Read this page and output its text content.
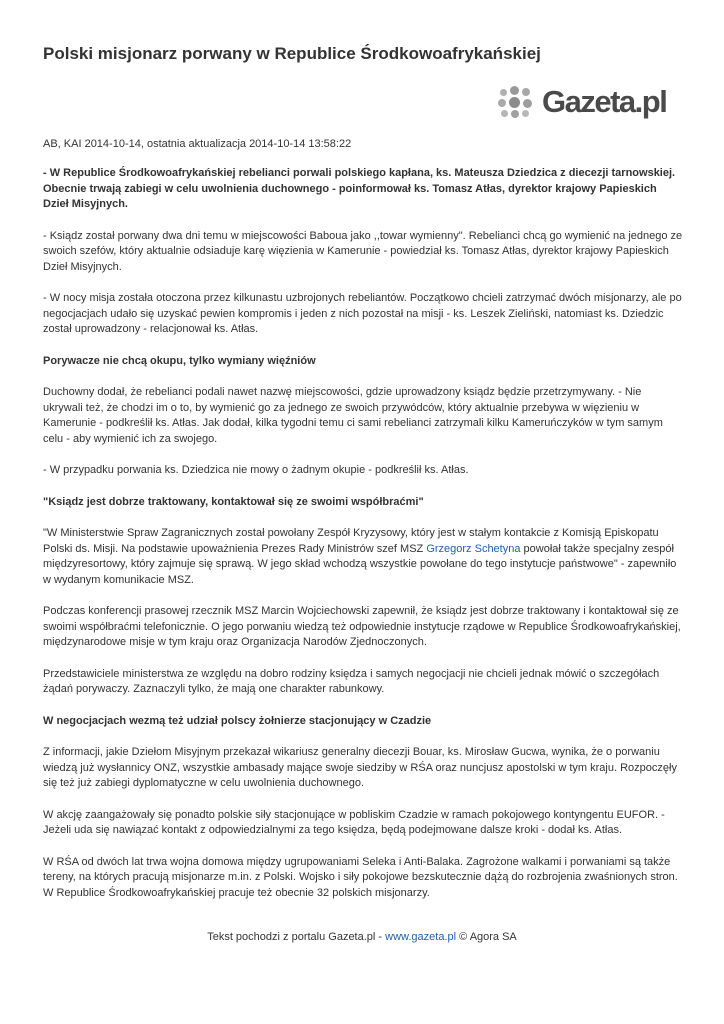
Polski misjonarz porwany w Republice Środkowoafrykańskiej
Gazeta.pl
AB, KAI 2014-10-14, ostatnia aktualizacja 2014-10-14 13:58:22

- W Republice Środkowoafrykańskiej rebelianci porwali polskiego kapłana, ks. Mateusza Dziedzica z diecezji tarnowskiej. Obecnie trwają zabiegi w celu uwolnienia duchownego - poinformował ks. Tomasz Atłas, dyrektor krajowy Papieskich Dzieł Misyjnych.

- Ksiądz został porwany dwa dni temu w miejscowości Baboua jako ,,towar wymienny". Rebelianci chcą go wymienić na jednego ze swoich szefów, który aktualnie odsiaduje karę więzienia w Kamerunie - powiedział ks. Tomasz Atłas, dyrektor krajowy Papieskich Dzieł Misyjnych.

- W nocy misja została otoczona przez kilkunastu uzbrojonych rebeliantów. Początkowo chcieli zatrzymać dwóch misjonarzy, ale po negocjacjach udało się uzyskać pewien kompromis i jeden z nich pozostał na misji - ks. Leszek Zieliński, natomiast ks. Dziedzic został uprowadzony - relacjonował ks. Atłas.

Porywacze nie chcą okupu, tylko wymiany więźniów

Duchowny dodał, że rebelianci podali nawet nazwę miejscowości, gdzie uprowadzony ksiądz będzie przetrzymywany. - Nie ukrywali też, że chodzi im o to, by wymienić go za jednego ze swoich przywódców, który aktualnie przebywa w więzieniu w Kamerunie - podkreślił ks. Atłas. Jak dodał, kilka tygodni temu ci sami rebelianci zatrzymali kilku Kameruńczyków w tym samym celu - aby wymienić ich za swojego.

- W przypadku porwania ks. Dziedzica nie mowy o żadnym okupie - podkreślił ks. Atłas.

"Ksiądz jest dobrze traktowany, kontaktował się ze swoimi współbraćmi"

"W Ministerstwie Spraw Zagranicznych został powołany Zespół Kryzysowy, który jest w stałym kontakcie z Komisją Episkopatu Polski ds. Misji. Na podstawie upoważnienia Prezes Rady Ministrów szef MSZ Grzegorz Schetyna powołał także specjalny zespół międzyresortowy, który zajmuje się sprawą. W jego skład wchodzą wszystkie powołane do tego instytucje państwowe" - zapewniło w wydanym komunikacie MSZ.

Podczas konferencji prasowej rzecznik MSZ Marcin Wojciechowski zapewnił, że ksiądz jest dobrze traktowany i kontaktował się ze swoimi współbraćmi telefonicznie. O jego porwaniu wiedzą też odpowiednie instytucje rządowe w Republice Środkowoafrykańskiej, międzynarodowe misje w tym kraju oraz Organizacja Narodów Zjednoczonych.

Przedstawiciele ministerstwa ze względu na dobro rodziny księdza i samych negocjacji nie chcieli jednak mówić o szczegółach żądań porywaczy. Zaznaczyli tylko, że mają one charakter rabunkowy.

W negocjacjach wezmą też udział polscy żołnierze stacjonujący w Czadzie

Z informacji, jakie Dziełom Misyjnym przekazał wikariusz generalny diecezji Bouar, ks. Mirosław Gucwa, wynika, że o porwaniu wiedzą już wysłannicy ONZ, wszystkie ambasady mające swoje siedziby w RŚA oraz nuncjusz apostolski w tym kraju. Rozpoczęły się też już zabiegi dyplomatyczne w celu uwolnienia duchownego.

W akcję zaangażowały się ponadto polskie siły stacjonujące w pobliskim Czadzie w ramach pokojowego kontyngentu EUFOR. - Jeżeli uda się nawiązać kontakt z odpowiedzialnymi za tego księdza, będą podejmowane dalsze kroki - dodał ks. Atłas.

W RŚA od dwóch lat trwa wojna domowa między ugrupowaniami Seleka i Anti-Balaka. Zagrożone walkami i porwaniami są także tereny, na których pracują misjonarze m.in. z Polski. Wojsko i siły pokojowe bezskutecznie dążą do rozbrojenia zwaśnionych stron. W Republice Środkowoafrykańskiej pracuje też obecnie 32 polskich misjonarzy.

Tekst pochodzi z portalu Gazeta.pl - www.gazeta.pl © Agora SA
